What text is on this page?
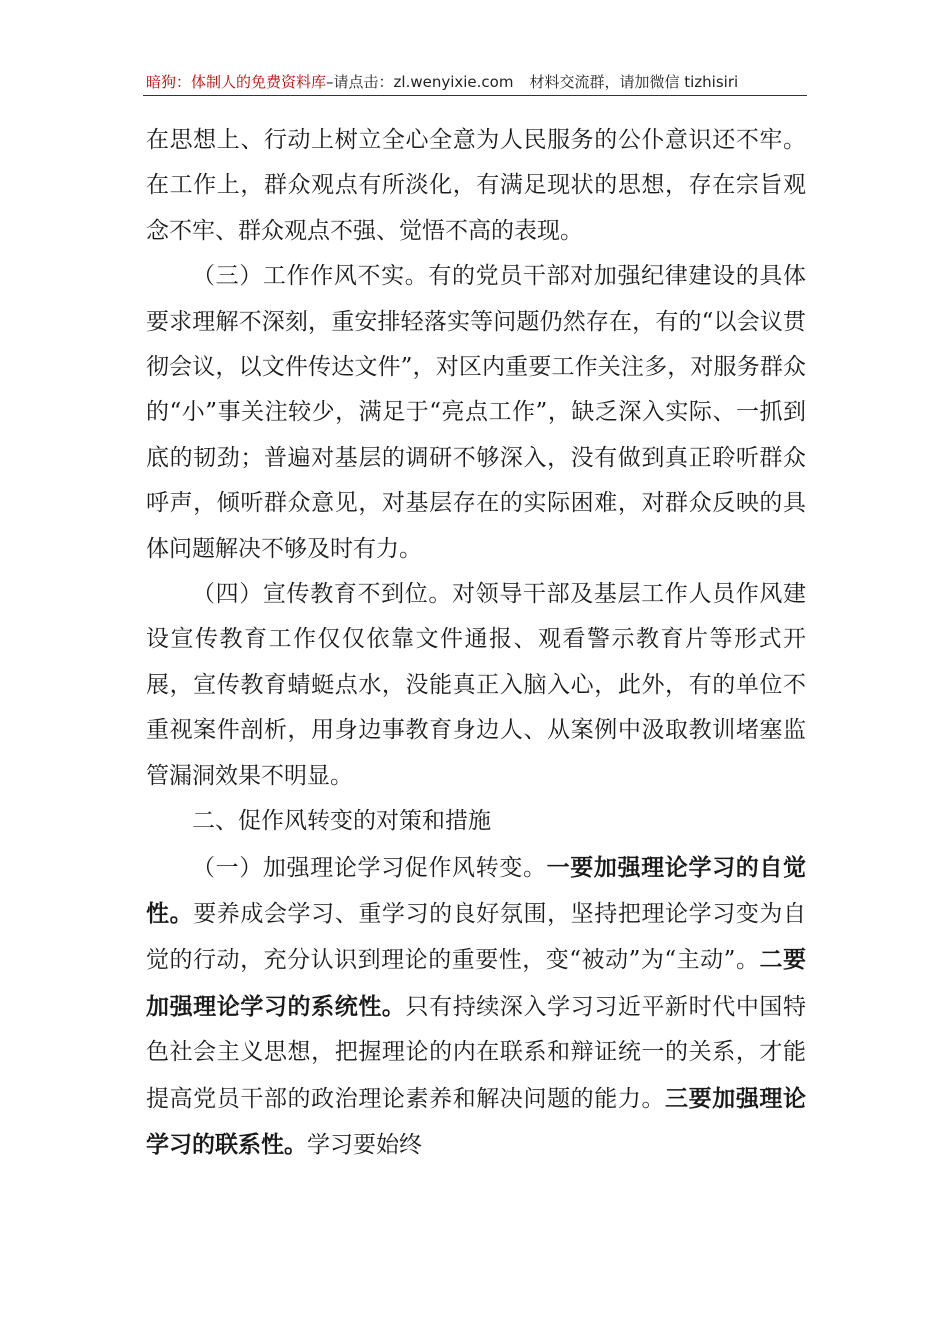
暗狗：体制人的免费资料库–请点击：zl.wenyixie.com 材料交流群，请加微信 tizhisiri

在思想上、行动上树立全心全意为人民服务的公仆意识还不牢。在工作上，群众观点有所淡化，有满足现状的思想，存在宗旨观念不牢、群众观点不强、觉悟不高的表现。

（三）工作作风不实。有的党员干部对加强纪律建设的具体要求理解不深刻，重安排轻落实等问题仍然存在，有的“以会议贯彻会议，以文件传达文件”，对区内重要工作关注多，对服务群众的“小”事关注较少，满足于“亮点工作”，缺乏深入实际、一抓到底的韧劲；普遍对基层的调研不够深入，没有做到真正聆听群众呼声，倾听群众意见，对基层存在的实际困难，对群众反映的具体问题解决不够及时有力。

（四）宣传教育不到位。对领导干部及基层工作人员作风建设宣传教育工作仅仅依靠文件通报、观看警示教育片等形式开展，宣传教育蜻蜓点水，没能真正入脑入心，此外，有的单位不重视案件剖析，用身边事教育身边人、从案例中汲取教训堵塞监管漏洞效果不明显。

二、促作风转变的对策和措施

（一）加强理论学习促作风转变。一要加强理论学习的自觉性。要养成会学习、重学习的良好氛围，坚持把理论学习变为自觉的行动，充分认识到理论的重要性，变“被动”为“主动”。二要加强理论学习的系统性。只有持续深入学习习近平新时代中国特色社会主义思想，把握理论的内在联系和辩证统一的关系，才能提高党员干部的政治理论素养和解决问题的能力。三要加强理论学习的联系性。学习要始终
